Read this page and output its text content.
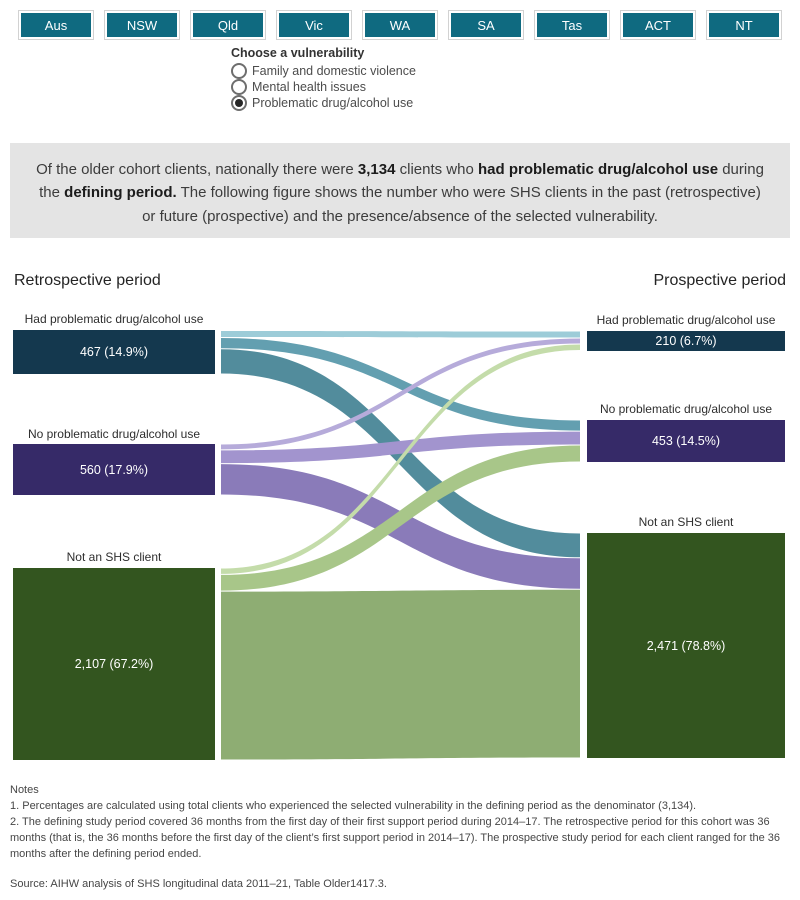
Aus	NSW	Qld	Vic	WA	SA	Tas	ACT	NT
Choose a vulnerability
Family and domestic violence
Mental health issues
Problematic drug/alcohol use
Of the older cohort clients, nationally there were 3,134 clients who had problematic drug/alcohol use during the defining period. The following figure shows the number who were SHS clients in the past (retrospective) or future (prospective) and the presence/absence of the selected vulnerability.
Retrospective period	Prospective period
Had problematic drug/alcohol use
467 (14.9%)
No problematic drug/alcohol use
560 (17.9%)
Not an SHS client
2,107 (67.2%)
Had problematic drug/alcohol use
210 (6.7%)
No problematic drug/alcohol use
453 (14.5%)
Not an SHS client
2,471 (78.8%)
Notes
1. Percentages are calculated using total clients who experienced the selected vulnerability in the defining period as the denominator (3,134).
2. The defining study period covered 36 months from the first day of their first support period during 2014–17. The retrospective period for this cohort was 36 months (that is, the 36 months before the first day of the client’s first support period in 2014–17). The prospective study period for each client ranged for the 36 months after the defining period ended.
Source: AIHW analysis of SHS longitudinal data 2011–21, Table Older1417.3.
